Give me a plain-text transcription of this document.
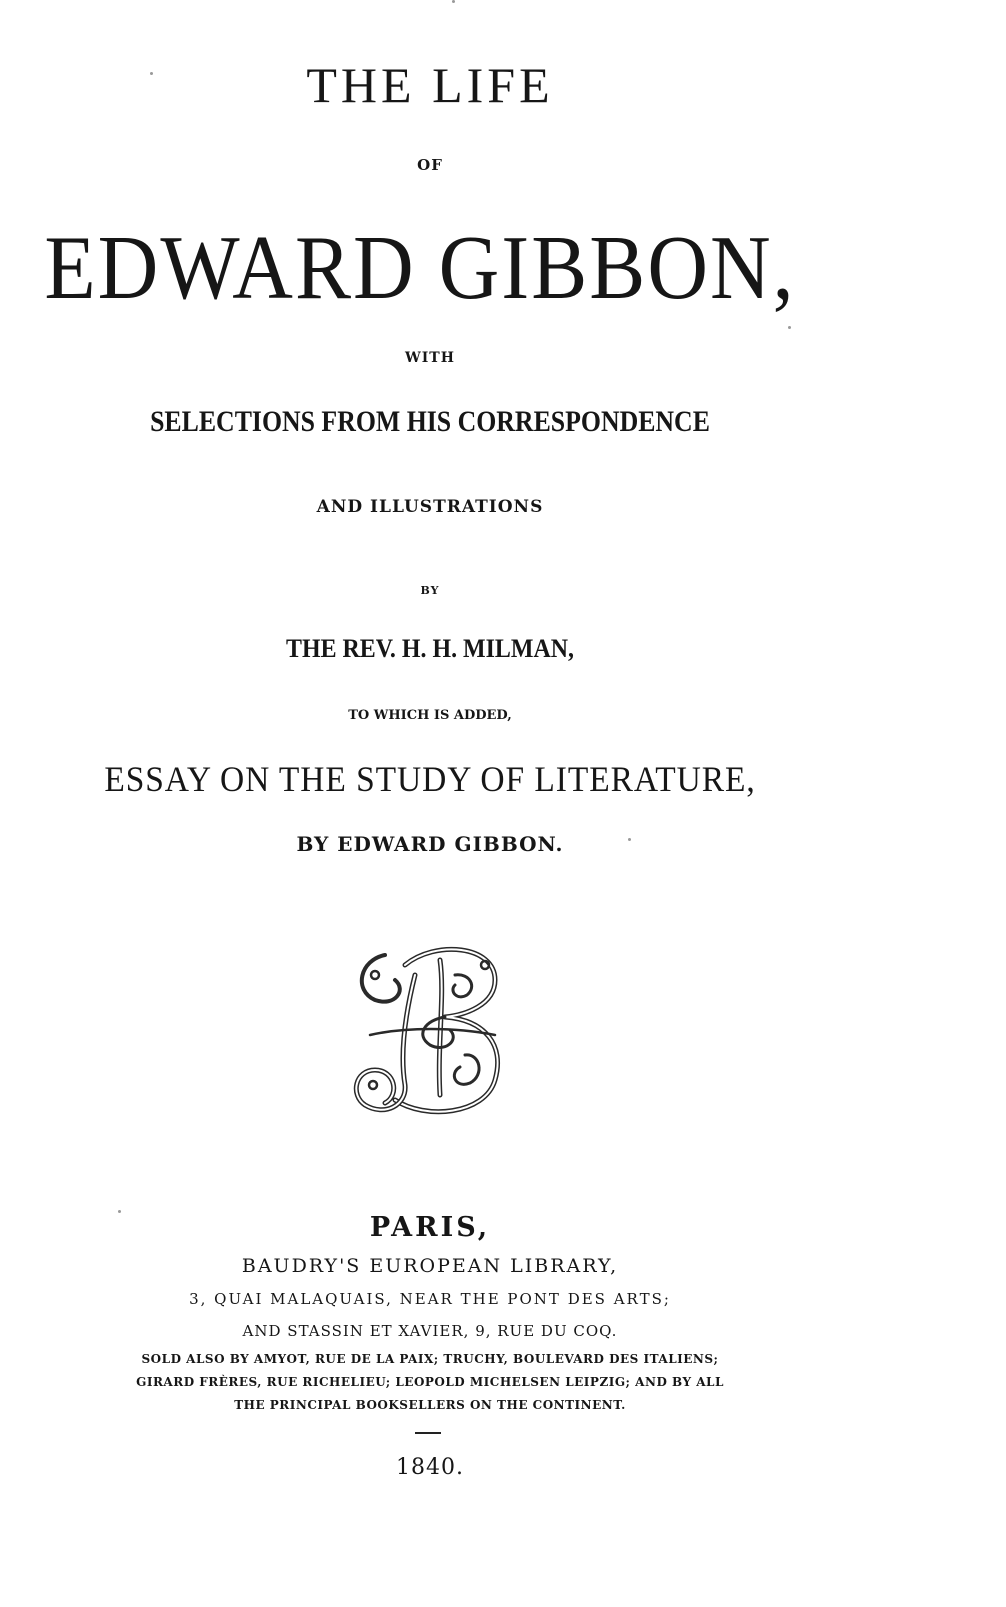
THE LIFE
OF
EDWARD GIBBON,
WITH
SELECTIONS FROM HIS CORRESPONDENCE
AND ILLUSTRATIONS
BY
THE REV. H. H. MILMAN,
TO WHICH IS ADDED,
ESSAY ON THE STUDY OF LITERATURE,
BY EDWARD GIBBON.
PARIS,
BAUDRY'S EUROPEAN LIBRARY,
3, QUAI MALAQUAIS, NEAR THE PONT DES ARTS;
AND STASSIN ET XAVIER, 9, RUE DU COQ.
SOLD ALSO BY AMYOT, RUE DE LA PAIX; TRUCHY, BOULEVARD DES ITALIENS;
GIRARD FRÈRES, RUE RICHELIEU; LEOPOLD MICHELSEN LEIPZIG; AND BY ALL
THE PRINCIPAL BOOKSELLERS ON THE CONTINENT.
1840.
